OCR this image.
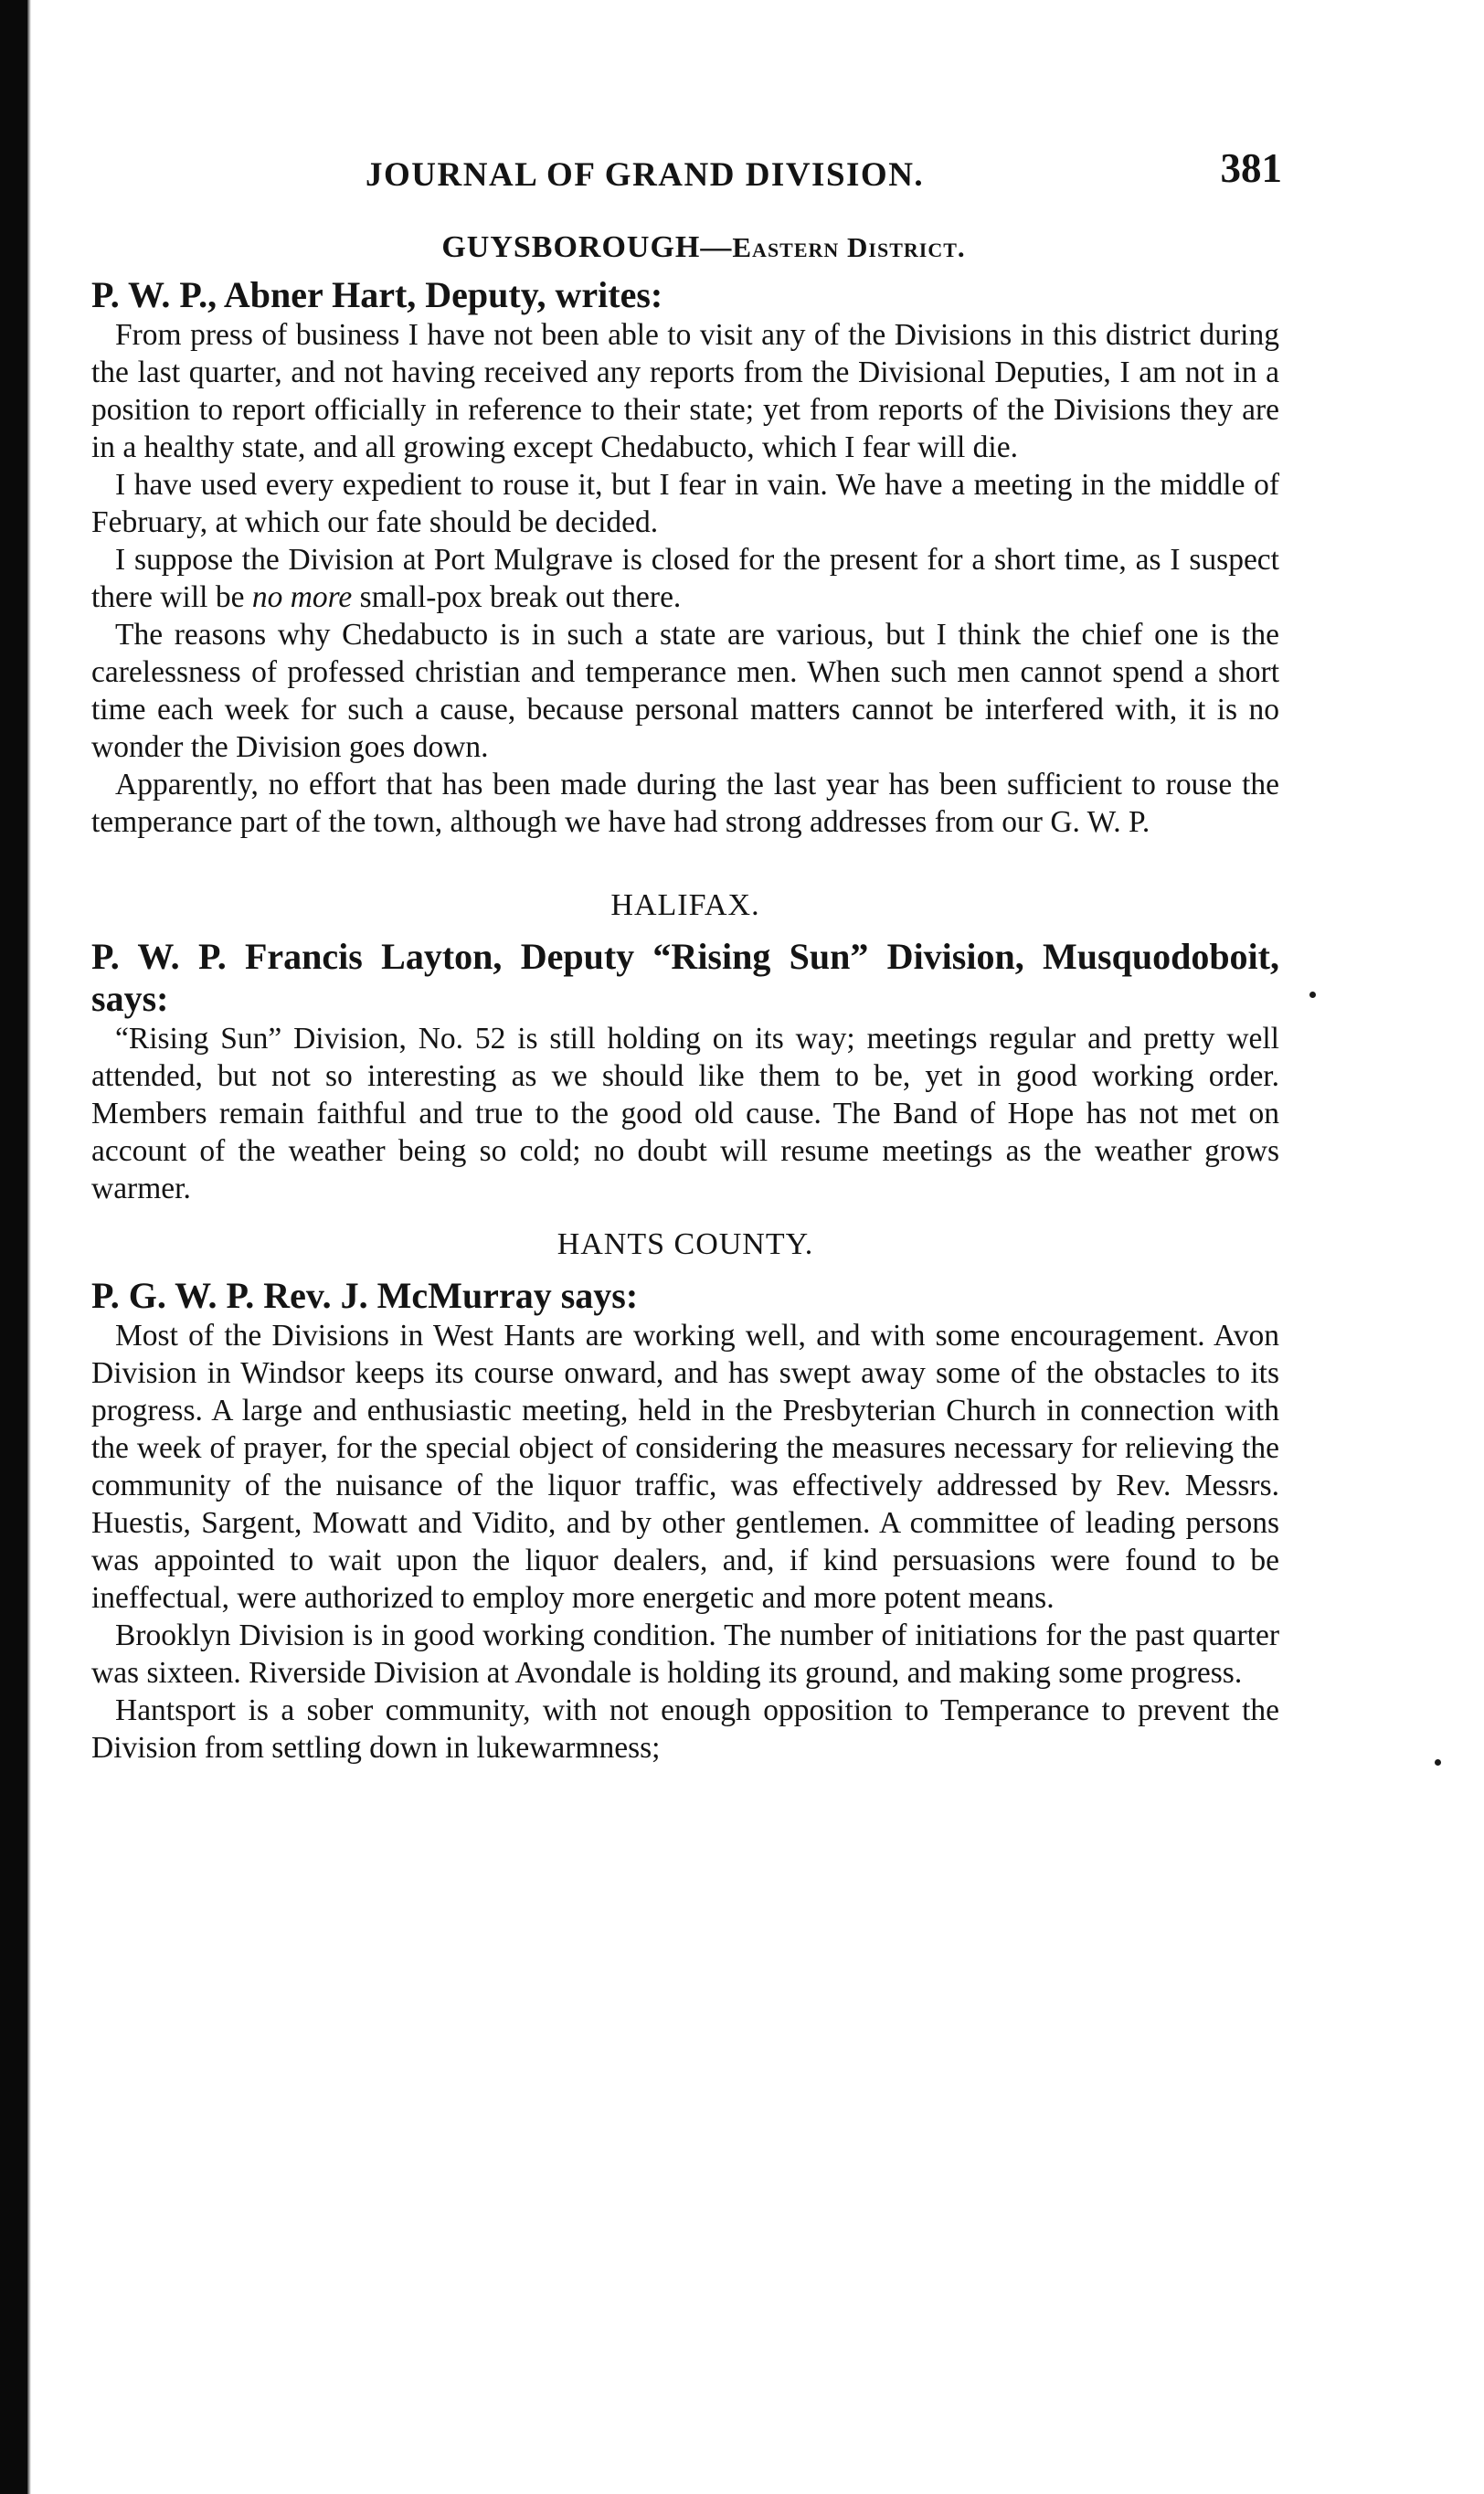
JOURNAL OF GRAND DIVISION.	381
GUYSBOROUGH—Eastern District.
P. W. P., Abner Hart, Deputy, writes:
From press of business I have not been able to visit any of the Divisions in this district during the last quarter, and not having received any reports from the Divisional Deputies, I am not in a position to report officially in reference to their state; yet from reports of the Divisions they are in a healthy state, and all growing except Chedabucto, which I fear will die.
I have used every expedient to rouse it, but I fear in vain. We have a meeting in the middle of February, at which our fate should be decided.
I suppose the Division at Port Mulgrave is closed for the present for a short time, as I suspect there will be no more small-pox break out there.
The reasons why Chedabucto is in such a state are various, but I think the chief one is the carelessness of professed christian and temperance men. When such men cannot spend a short time each week for such a cause, because personal matters cannot be interfered with, it is no wonder the Division goes down.
Apparently, no effort that has been made during the last year has been sufficient to rouse the temperance part of the town, although we have had strong addresses from our G. W. P.
HALIFAX.
P. W. P. Francis Layton, Deputy “Rising Sun” Division, Musquodoboit, says:
“Rising Sun” Division, No. 52 is still holding on its way; meetings regular and pretty well attended, but not so interesting as we should like them to be, yet in good working order. Members remain faithful and true to the good old cause. The Band of Hope has not met on account of the weather being so cold; no doubt will resume meetings as the weather grows warmer.
HANTS COUNTY.
P. G. W. P. Rev. J. McMurray says:
Most of the Divisions in West Hants are working well, and with some encouragement. Avon Division in Windsor keeps its course onward, and has swept away some of the obstacles to its progress. A large and enthusiastic meeting, held in the Presbyterian Church in connection with the week of prayer, for the special object of considering the measures necessary for relieving the community of the nuisance of the liquor traffic, was effectively addressed by Rev. Messrs. Huestis, Sargent, Mowatt and Vidito, and by other gentlemen. A committee of leading persons was appointed to wait upon the liquor dealers, and, if kind persuasions were found to be ineffectual, were authorized to employ more energetic and more potent means.
Brooklyn Division is in good working condition. The number of initiations for the past quarter was sixteen. Riverside Division at Avondale is holding its ground, and making some progress.
Hantsport is a sober community, with not enough opposition to Temperance to prevent the Division from settling down in lukewarmness;
